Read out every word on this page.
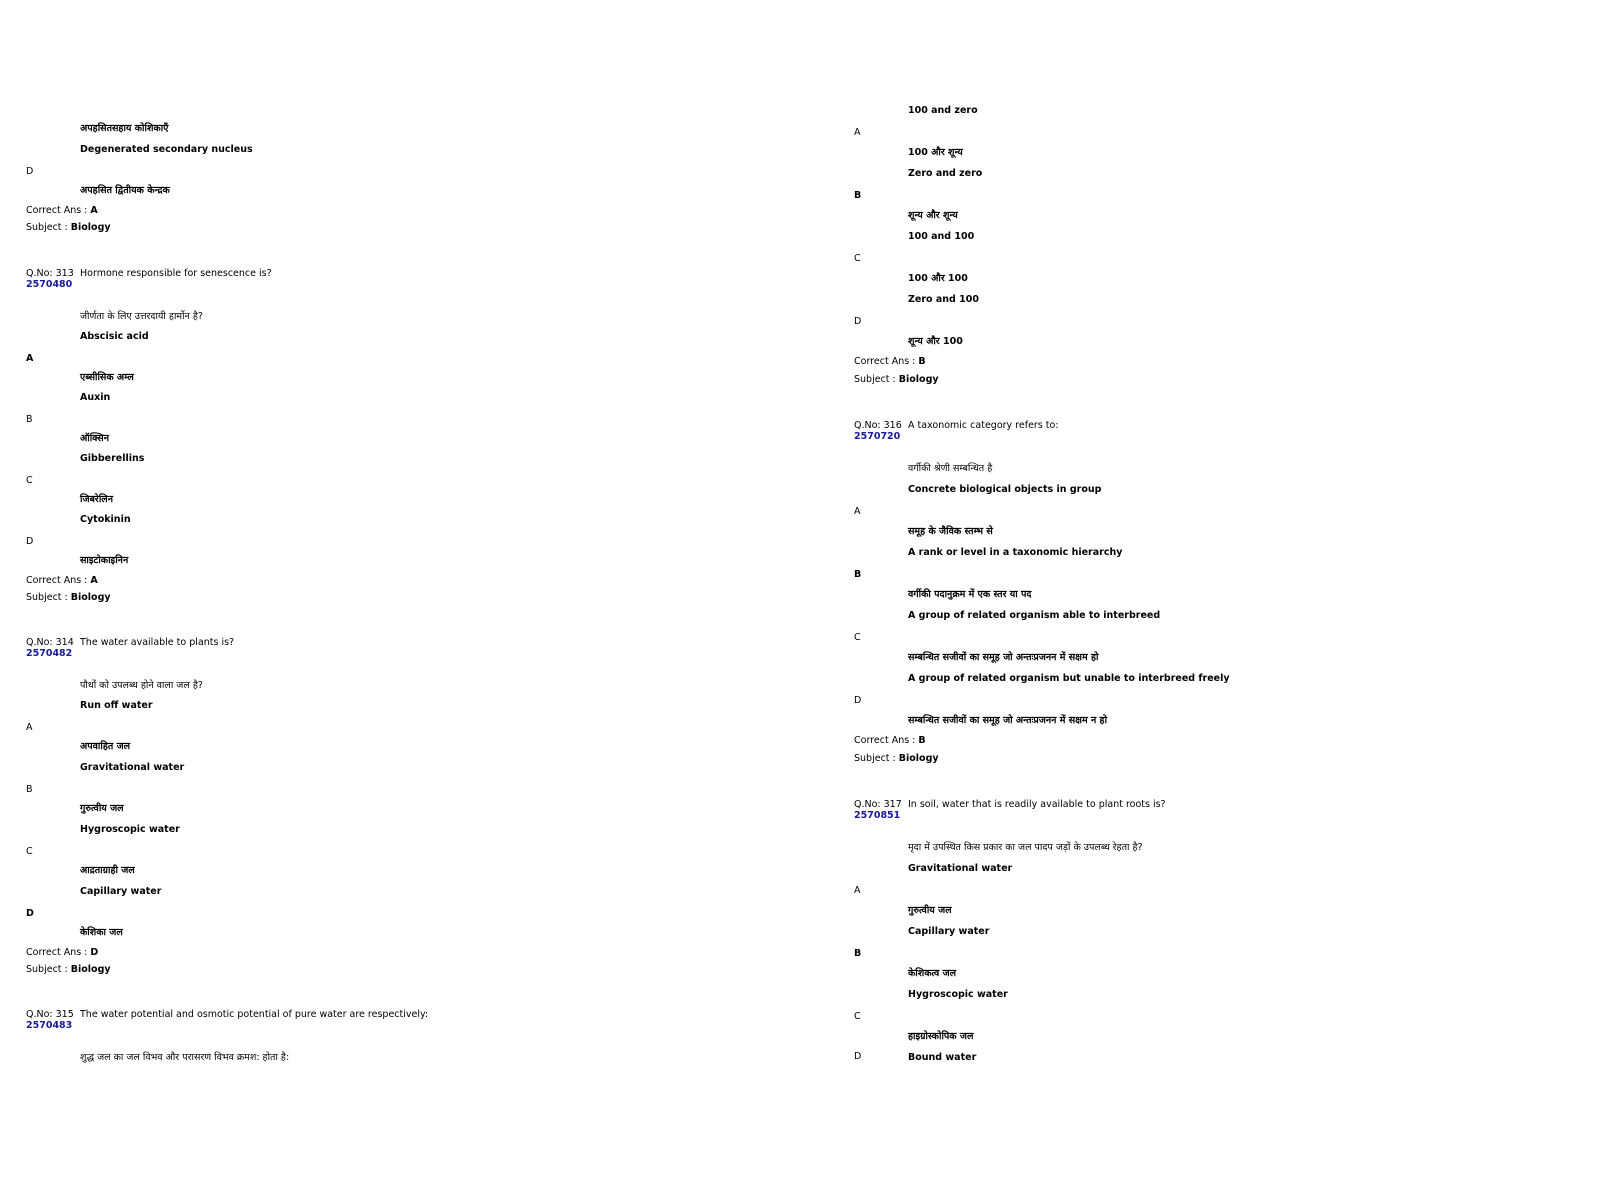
अपहसितसहाय कोशिकाएँ
Degenerated secondary nucleus
D
अपहसित द्वितीयक केन्द्रक
Correct Ans : A
Subject : Biology
Q.No: 313 Hormone responsible for senescence is?
2570480
जीर्णता के लिए उत्तरदायी हार्मोन है?
Abscisic acid
A
एब्सीसिक अम्ल
Auxin
B
ऑक्सिन
Gibberellins
C
जिबरेलिन
Cytokinin
D
साइटोकाइनिन
Correct Ans : A
Subject : Biology
Q.No: 314 The water available to plants is?
2570482
पौधों को उपलब्ध होने वाला जल है?
Run off water
A
अपवाहित जल
Gravitational water
B
गुरुत्वीय जल
Hygroscopic water
C
आद्रताग्राही जल
Capillary water
D
केशिका जल
Correct Ans : D
Subject : Biology
Q.No: 315 The water potential and osmotic potential of pure water are respectively:
2570483
शुद्ध जल का जल विभव और परासरण विभव क्रमश: होता है:
100 and zero
A
100 और शून्य
Zero and zero
B
शून्य और शून्य
100 and 100
C
100 और 100
Zero and 100
D
शून्य और 100
Correct Ans : B
Subject : Biology
Q.No: 316 A taxonomic category refers to:
2570720
वर्गीकी श्रेणी सम्बन्धित है
Concrete biological objects in group
A
समूह के जैविक स्तम्भ से
A rank or level in a taxonomic hierarchy
B
वर्गीकी पदानुक्रम में एक स्तर या पद
A group of related organism able to interbreed
C
सम्बन्धित सजीवों का समूह जो अन्तःप्रजनन में सक्षम हो
A group of related organism but unable to interbreed freely
D
सम्बन्धित सजीवों का समूह जो अन्तःप्रजनन में सक्षम न हो
Correct Ans : B
Subject : Biology
Q.No: 317 In soil, water that is readily available to plant roots is?
2570851
मृदा में उपस्थित किस प्रकार का जल पादप जड़ों के उपलब्ध रेहता है?
Gravitational water
A
गुरुत्वीय जल
Capillary water
B
केशिकत्व जल
Hygroscopic water
C
हाइग्रोस्कोपिक जल
D	Bound water
